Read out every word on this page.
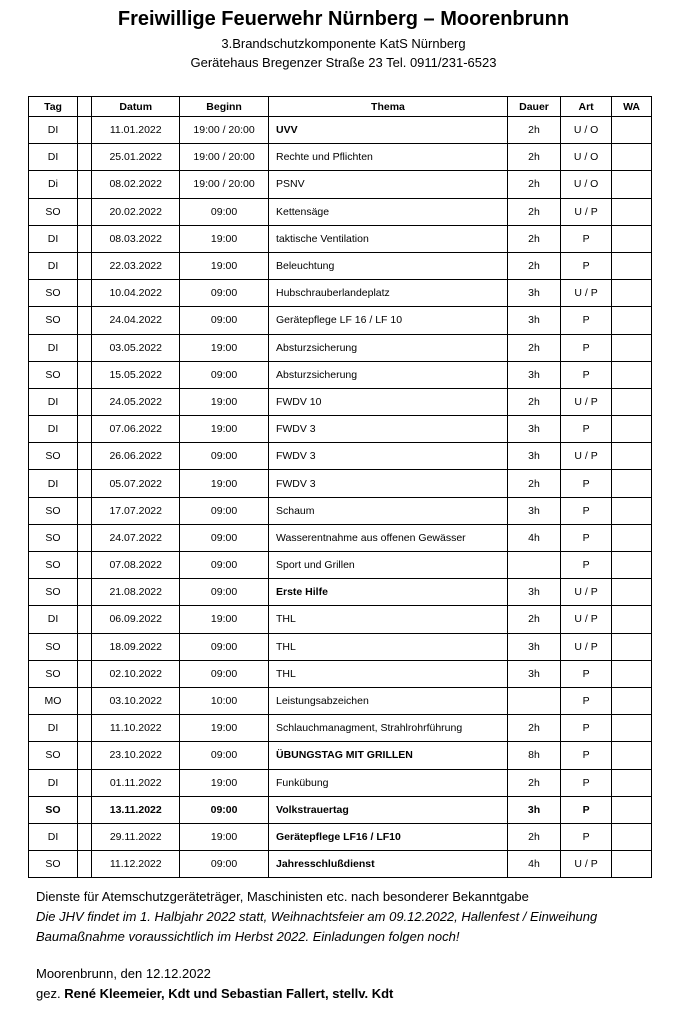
Freiwillige Feuerwehr Nürnberg – Moorenbrunn
3.Brandschutzkomponente KatS Nürnberg
Gerätehaus Bregenzer Straße 23 Tel. 0911/231-6523
Tag		Datum	Beginn	Thema	Dauer	Art	WA
DI		11.01.2022	19:00 / 20:00	UVV	2h	U / O	
DI		25.01.2022	19:00 / 20:00	Rechte und Pflichten	2h	U / O	
Di		08.02.2022	19:00 / 20:00	PSNV	2h	U / O	
SO		20.02.2022	09:00	Kettensäge	2h	U / P	
DI		08.03.2022	19:00	taktische Ventilation	2h	P	
DI		22.03.2022	19:00	Beleuchtung	2h	P	
SO		10.04.2022	09:00	Hubschrauberlandeplatz	3h	U / P	
SO		24.04.2022	09:00	Gerätepflege LF 16 / LF 10	3h	P	
DI		03.05.2022	19:00	Absturzsicherung	2h	P	
SO		15.05.2022	09:00	Absturzsicherung	3h	P	
DI		24.05.2022	19:00	FWDV 10	2h	U / P	
DI		07.06.2022	19:00	FWDV 3	3h	P	
SO		26.06.2022	09:00	FWDV 3	3h	U / P	
DI		05.07.2022	19:00	FWDV 3	2h	P	
SO		17.07.2022	09:00	Schaum	3h	P	
SO		24.07.2022	09:00	Wasserentnahme aus offenen Gewässer	4h	P	
SO		07.08.2022	09:00	Sport und Grillen		P	
SO		21.08.2022	09:00	Erste Hilfe	3h	U / P	
DI		06.09.2022	19:00	THL	2h	U / P	
SO		18.09.2022	09:00	THL	3h	U / P	
SO		02.10.2022	09:00	THL	3h	P	
MO		03.10.2022	10:00	Leistungsabzeichen		P	
DI		11.10.2022	19:00	Schlauchmanagment, Strahlrohrführung	2h	P	
SO		23.10.2022	09:00	ÜBUNGSTAG MIT GRILLEN	8h	P	
DI		01.11.2022	19:00	Funkübung	2h	P	
SO		13.11.2022	09:00	Volkstrauertag	3h	P	
DI		29.11.2022	19:00	Gerätepflege LF16 / LF10	2h	P	
SO		11.12.2022	09:00	Jahresschlußdienst	4h	U / P	
Dienste für Atemschutzgeräteträger, Maschinisten etc. nach besonderer Bekanntgabe
Die JHV findet im 1. Halbjahr 2022 statt, Weihnachtsfeier am 09.12.2022, Hallenfest / Einweihung
Baumaßnahme voraussichtlich im Herbst 2022. Einladungen folgen noch!
Moorenbrunn, den 12.12.2022
gez. René Kleemeier, Kdt und Sebastian Fallert, stellv. Kdt
